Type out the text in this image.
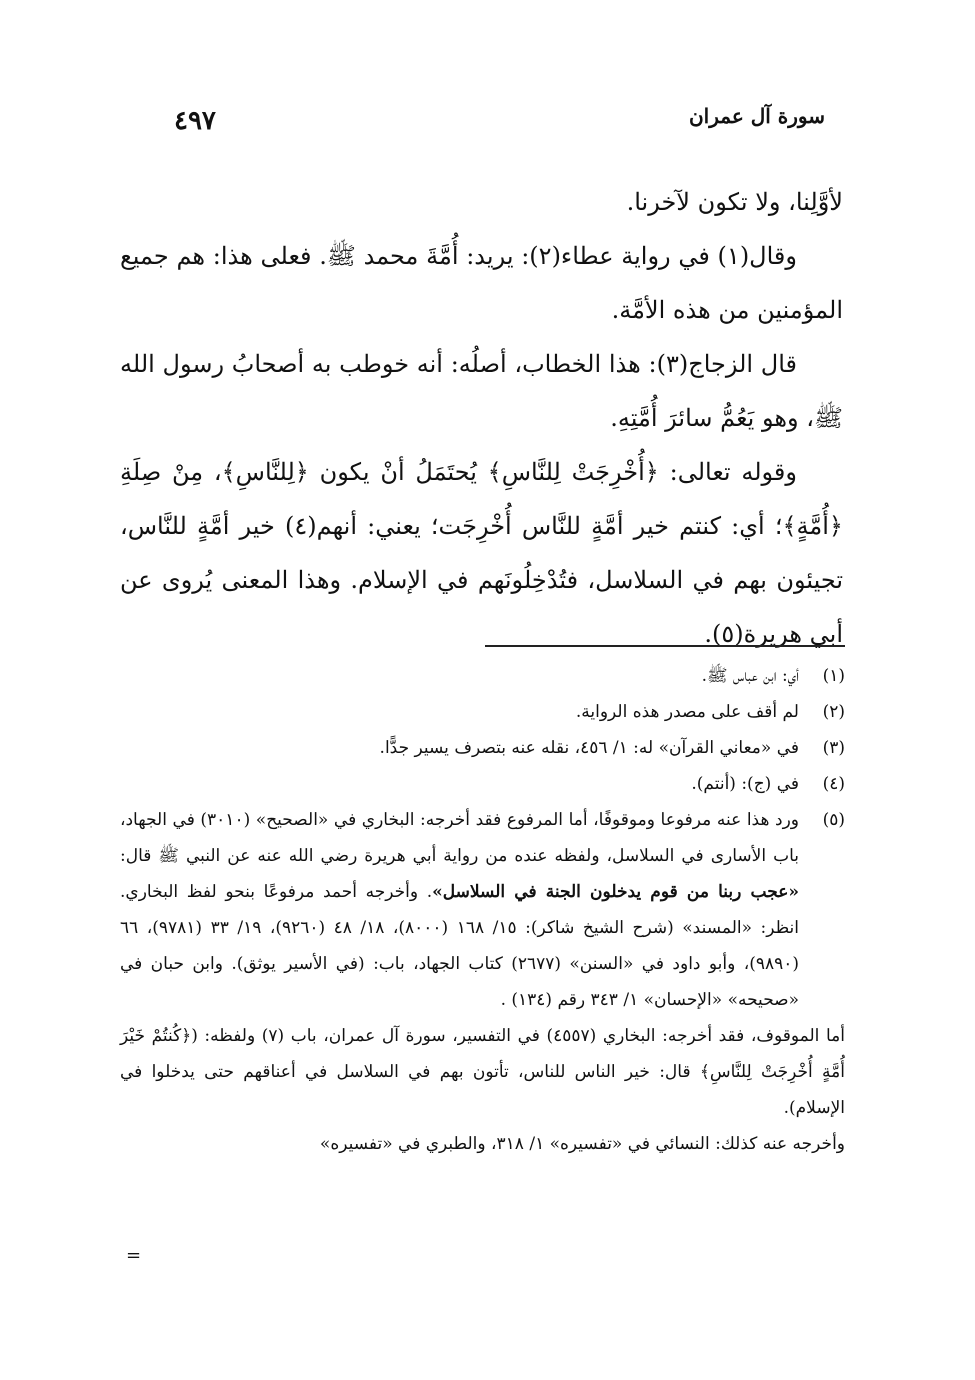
سورة آل عمران
٤٩٧

لأوَّلِنا، ولا تكون لآخرنا.

وقال(١) في رواية عطاء(٢): يريد: أُمَّةَ محمد ﷺ. فعلى هذا: هم جميع المؤمنين من هذه الأمَّة.

قال الزجاج(٣): هذا الخطاب، أصلُه: أنه خوطب به أصحابُ رسول الله ﷺ، وهو يَعُمُّ سائرَ أُمَّتِهِ.

وقوله تعالى: ﴿أُخْرِجَتْ لِلنَّاسِ﴾ يُحتَمَلُ أنْ يكون ﴿لِلنَّاسِ﴾، مِنْ صِلَةِ ﴿أُمَّةٍ﴾؛ أي: كنتم خير أمَّةٍ للنَّاس أُخْرِجَت؛ يعني: أنهم(٤) خير أمَّةٍ للنَّاس، تجيئون بهم في السلاسل، فتُدْخِلُونَهم في الإسلام. وهذا المعنى يُروى عن أبي هريرة(٥).

(١)
أي: ابن عباس ﷺ.
(٢)
لم أقف على مصدر هذه الرواية.
(٣)
في «معاني القرآن» له: ١/ ٤٥٦، نقله عنه بتصرف يسير جدًّا.
(٤)
في (ج): (أنتم).
(٥)
ورد هذا عنه مرفوعا وموقوفًا، أما المرفوع فقد أخرجه: البخاري في «الصحيح» (٣٠١٠) في الجهاد، باب الأسارى في السلاسل، ولفظه عنده من رواية أبي هريرة رضي الله عنه عن النبي ﷺ قال: «عجب ربنا من قوم يدخلون الجنة في السلاسل». وأخرجه أحمد مرفوعًا بنحو لفظ البخاري. انظر: «المسند» (شرح الشيخ شاكر): ١٥/ ١٦٨ (٨٠٠٠)، ١٨/ ٤٨ (٩٢٦٠)، ١٩/ ٣٣ (٩٧٨١)، ٦٦ (٩٨٩٠)، وأبو داود في «السنن» (٢٦٧٧) كتاب الجهاد، باب: (في الأسير يوثق). وابن حبان في «صحيحه» «الإحسان» ١/ ٣٤٣ رقم (١٣٤) .
أما الموقوف، فقد أخرجه: البخاري (٤٥٥٧) في التفسير، سورة آل عمران، باب (٧) ولفظه: (﴿كُنتُمْ خَيْرَ أُمَّةٍ أُخْرِجَتْ لِلنَّاسِ﴾ قال: خير الناس للناس، تأتون بهم في السلاسل في أعناقهم حتى يدخلوا في الإسلام).
وأخرجه عنه كذلك: النسائي في «تفسيره» ١/ ٣١٨، والطبري في «تفسيره»
=
